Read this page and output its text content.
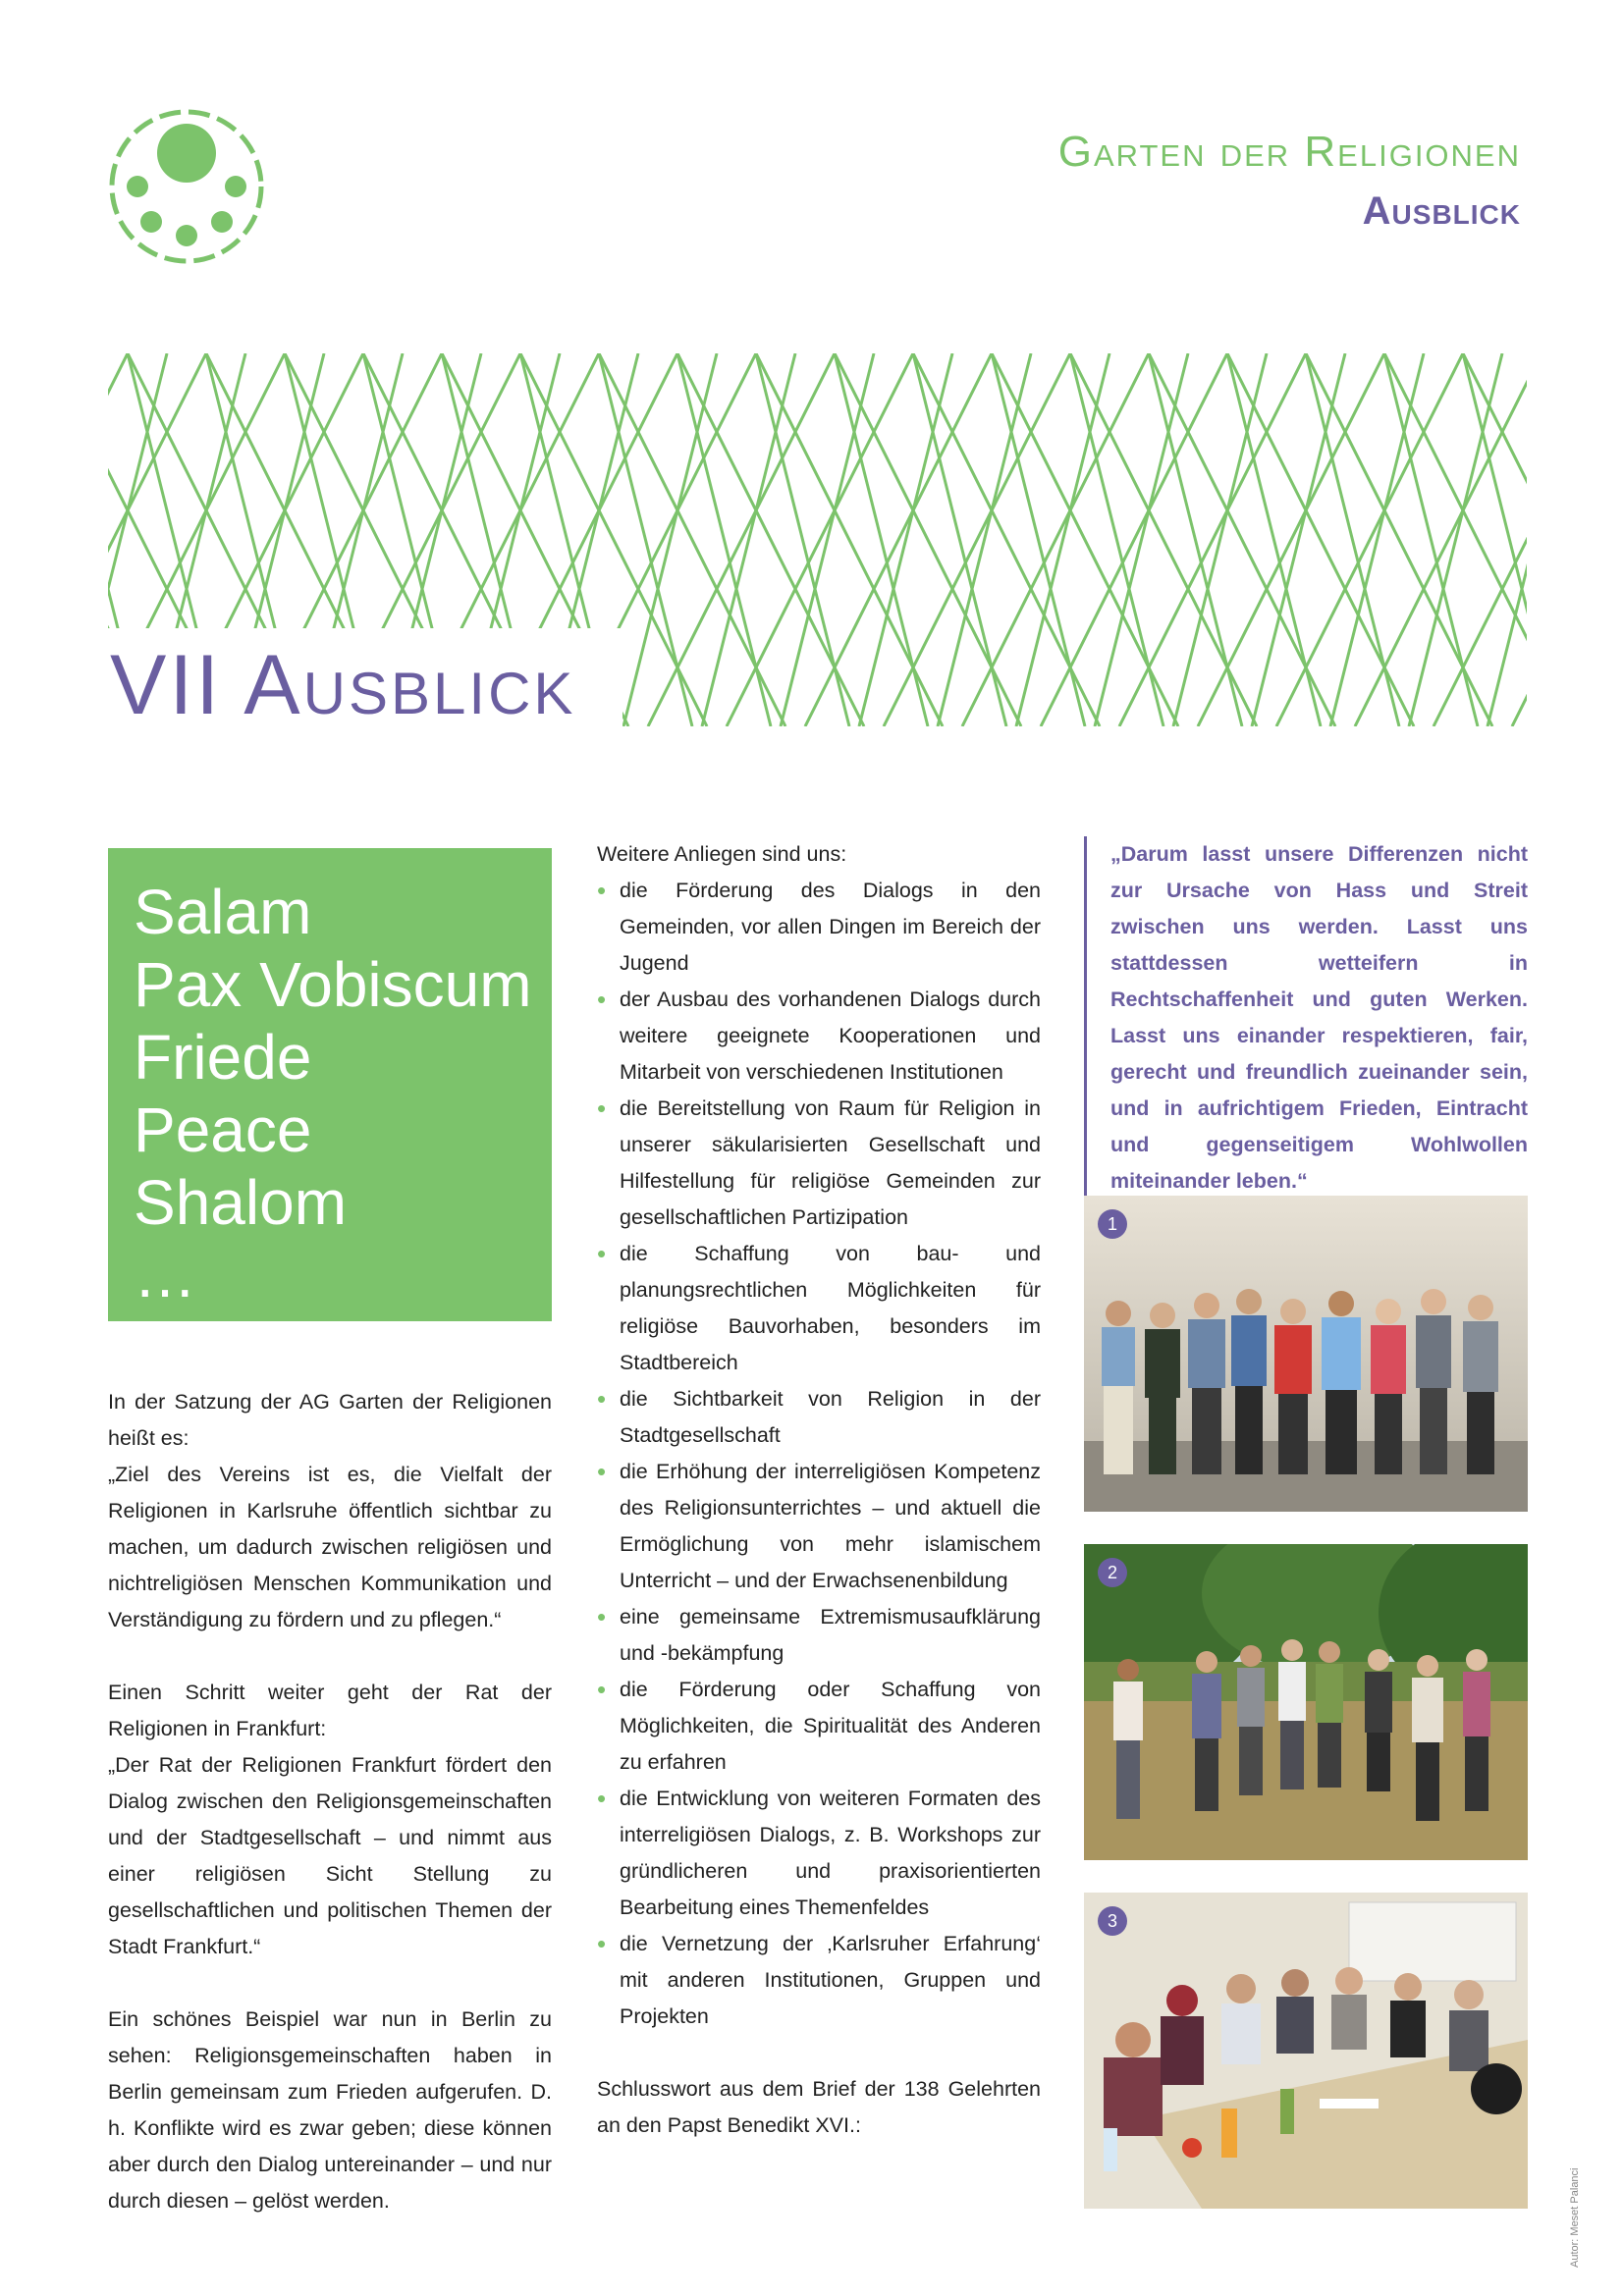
Garten der Religionen
Ausblick
VII Ausblick
Salam
Pax Vobiscum
Friede
Peace
Shalom
…

In der Satzung der AG Garten der Religionen heißt es:

„Ziel des Vereins ist es, die Vielfalt der Religionen in Karlsruhe öffentlich sichtbar zu machen, um dadurch zwischen religiösen und nichtreligiösen Menschen Kommunikation und Verständigung zu fördern und zu pflegen.“

Einen Schritt weiter geht der Rat der Religionen in Frankfurt:

„Der Rat der Religionen Frankfurt fördert den Dialog zwischen den Religionsgemeinschaften und der Stadtgesellschaft – und nimmt aus einer religiösen Sicht Stellung zu gesellschaftlichen und politischen Themen der Stadt Frankfurt.“

Ein schönes Beispiel war nun in Berlin zu sehen: Religionsgemeinschaften haben in Berlin gemeinsam zum Frieden aufgerufen. D. h. Konflikte wird es zwar geben; diese können aber durch den Dialog untereinander – und nur durch diesen – gelöst werden.

Weitere Anliegen sind uns:

• die Förderung des Dialogs in den Gemeinden, vor allen Dingen im Bereich der Jugend
• der Ausbau des vorhandenen Dialogs durch weitere geeignete Kooperationen und Mitarbeit von verschiedenen Institutionen
• die Bereitstellung von Raum für Religion in unserer säkularisierten Gesellschaft und Hilfestellung für religiöse Gemeinden zur gesellschaftlichen Partizipation
• die Schaffung von bau- und planungsrechtlichen Möglichkeiten für religiöse Bauvorhaben, besonders im Stadtbereich
• die Sichtbarkeit von Religion in der Stadtgesellschaft
• die Erhöhung der interreligiösen Kompetenz des Religionsunterrichtes – und aktuell die Ermöglichung von mehr islamischem Unterricht – und der Erwachsenenbildung
• eine gemeinsame Extremismusaufklärung und -bekämpfung
• die Förderung oder Schaffung von Möglichkeiten, die Spiritualität des Anderen zu erfahren
• die Entwicklung von weiteren Formaten des interreligiösen Dialogs, z. B. Workshops zur gründlicheren und praxisorientierten Bearbeitung eines Themenfeldes
• die Vernetzung der ‚Karlsruher Erfahrung‘ mit anderen Institutionen, Gruppen und Projekten

Schlusswort aus dem Brief der 138 Gelehrten an den Papst Benedikt XVI.:

„Darum lasst unsere Differenzen nicht zur Ursache von Hass und Streit zwischen uns werden. Lasst uns stattdessen wetteifern in Rechtschaffenheit und guten Werken. Lasst uns einander respektieren, fair, gerecht und freundlich zueinander sein, und in aufrichtigem Frieden, Eintracht und gegenseitigem Wohlwollen miteinander leben.“
1
2
3
Autor: Meset Palanci
